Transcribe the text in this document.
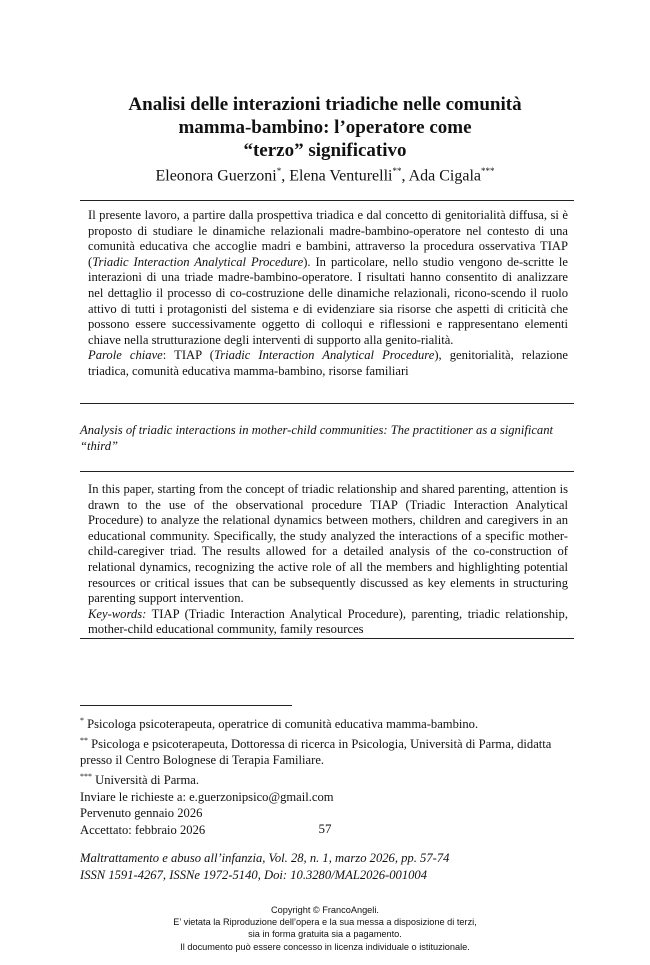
Analisi delle interazioni triadiche nelle comunità
mamma-bambino: l’operatore come
“terzo” significativo
Eleonora Guerzoni*, Elena Venturelli**, Ada Cigala***
Il presente lavoro, a partire dalla prospettiva triadica e dal concetto di genitorialità diffusa, si è proposto di studiare le dinamiche relazionali madre-bambino-operatore nel contesto di una comunità educativa che accoglie madri e bambini, attraverso la procedura osservativa TIAP (Triadic Interaction Analytical Procedure). In particolare, nello studio vengono de-scritte le interazioni di una triade madre-bambino-operatore. I risultati hanno consentito di analizzare nel dettaglio il processo di co-costruzione delle dinamiche relazionali, ricono-scendo il ruolo attivo di tutti i protagonisti del sistema e di evidenziare sia risorse che aspetti di criticità che possono essere successivamente oggetto di colloqui e riflessioni e rappresentano elementi chiave nella strutturazione degli interventi di supporto alla genito-rialità.
Parole chiave: TIAP (Triadic Interaction Analytical Procedure), genitorialità, relazione triadica, comunità educativa mamma-bambino, risorse familiari
Analysis of triadic interactions in mother-child communities: The practitioner as a significant “third”
In this paper, starting from the concept of triadic relationship and shared parenting, attention is drawn to the use of the observational procedure TIAP (Triadic Interaction Analytical Procedure) to analyze the relational dynamics between mothers, children and caregivers in an educational community. Specifically, the study analyzed the interactions of a specific mother-child-caregiver triad. The results allowed for a detailed analysis of the co-construction of relational dynamics, recognizing the active role of all the members and highlighting potential resources or critical issues that can be subsequently discussed as key elements in structuring parenting support intervention.
Key-words: TIAP (Triadic Interaction Analytical Procedure), parenting, triadic relationship, mother-child educational community, family resources
* Psicologa psicoterapeuta, operatrice di comunità educativa mamma-bambino.
** Psicologa e psicoterapeuta, Dottoressa di ricerca in Psicologia, Università di Parma, didatta presso il Centro Bolognese di Terapia Familiare.
*** Università di Parma.
Inviare le richieste a: e.guerzonipsico@gmail.com
Pervenuto gennaio 2026
Accettato: febbraio 2026	57
Maltrattamento e abuso all’infanzia, Vol. 28, n. 1, marzo 2026, pp. 57-74
ISSN 1591-4267, ISSNe 1972-5140, Doi: 10.3280/MAL2026-001004
Copyright © FrancoAngeli.
E’ vietata la Riproduzione dell’opera e la sua messa a disposizione di terzi,
sia in forma gratuita sia a pagamento.
Il documento può essere concesso in licenza individuale o istituzionale.
